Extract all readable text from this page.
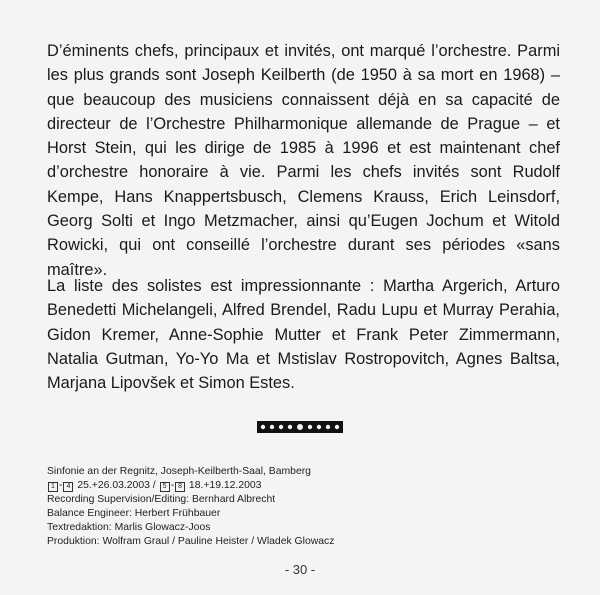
D’éminents chefs, principaux et invités, ont marqué l’orchestre. Parmi les plus grands sont Joseph Keilberth (de 1950 à sa mort en 1968) – que beaucoup des musiciens connaissent déjà en sa capacité de directeur de l’Orchestre Philharmonique allemande de Prague – et Horst Stein, qui les dirige de 1985 à 1996 et est maintenant chef d’orchestre honoraire à vie. Parmi les chefs invités sont Rudolf Kempe, Hans Knappertsbusch, Clemens Krauss, Erich Leinsdorf, Georg Solti et Ingo Metzmacher, ainsi qu’Eugen Jochum et Witold Rowicki, qui ont conseillé l’orchestre durant ses périodes «sans maître».

La liste des solistes est impressionnante : Martha Argerich, Arturo Benedetti Michelangeli, Alfred Brendel, Radu Lupu et Murray Perahia, Gidon Kremer, Anne-Sophie Mutter et Frank Peter Zimmermann, Natalia Gutman, Yo-Yo Ma et Mstislav Rostropovitch, Agnes Baltsa, Marjana Lipovšek et Simon Estes.

Sinfonie an der Regnitz, Joseph-Keilberth-Saal, Bamberg
1 - 4 25.+26.03.2003 / 5 - 8 18.+19.12.2003
Recording Supervision/Editing: Bernhard Albrecht
Balance Engineer: Herbert Frühbauer
Textredaktion: Marlis Glowacz-Joos
Produktion: Wolfram Graul / Pauline Heister / Wladek Glowacz
- 30 -
